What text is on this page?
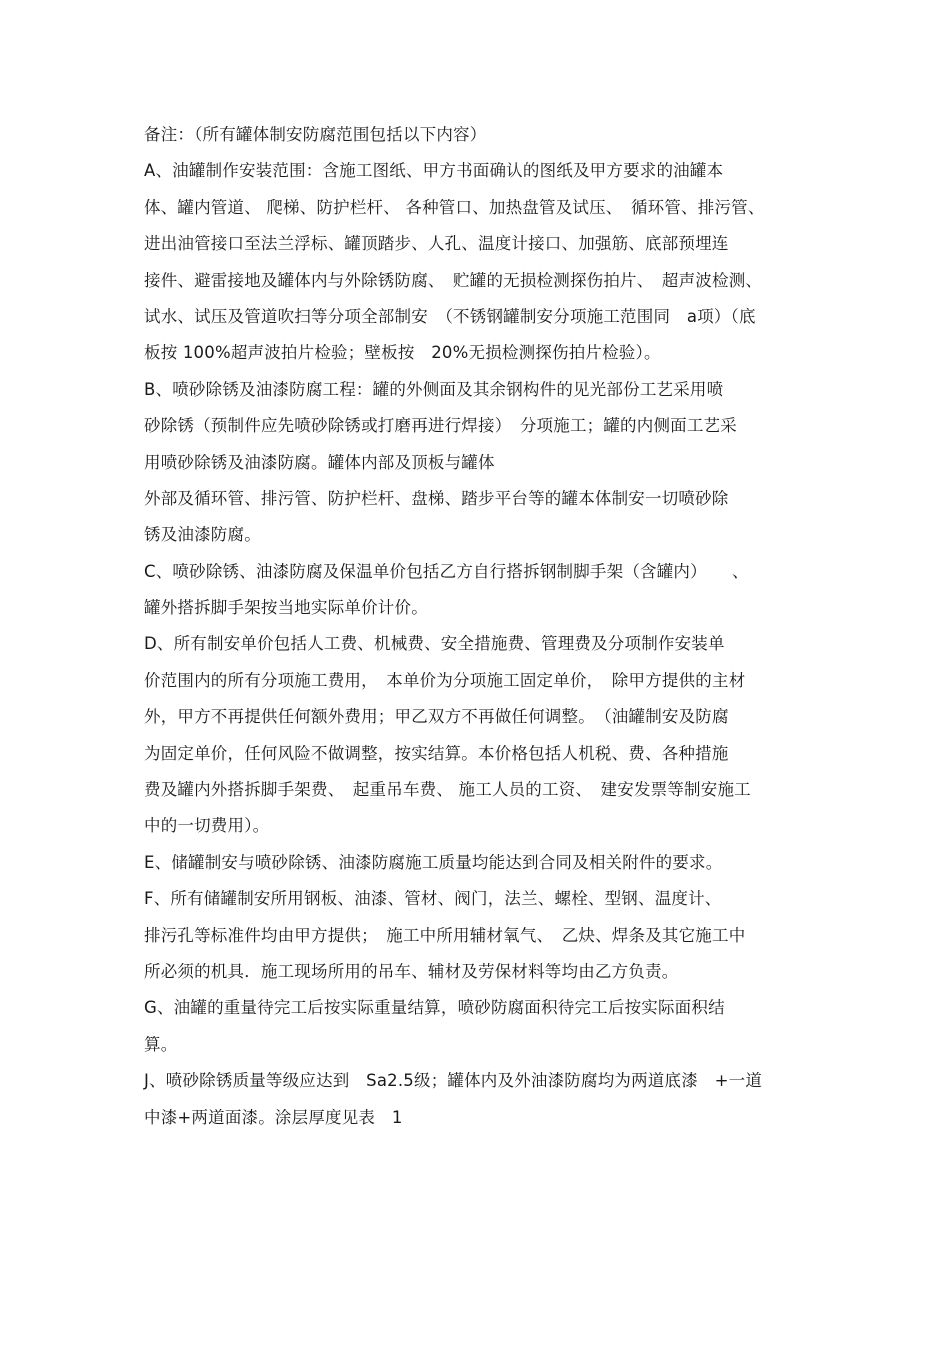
备注：（所有罐体制安防腐范围包括以下内容）
A、油罐制作安装范围：含施工图纸、甲方书面确认的图纸及甲方要求的油罐本
体、罐内管道、 爬梯、防护栏杆、 各种管口、加热盘管及试压、　循环管、排污管、
进出油管接口至法兰浮标、罐顶踏步、人孔、温度计接口、加强筋、底部预埋连
接件、避雷接地及罐体内与外除锈防腐、　贮罐的无损检测探伤拍片、　超声波检测、
试水、试压及管道吹扫等分项全部制安　（不锈钢罐制安分项施工范围同　a项）（底
板按 100%超声波拍片检验；壁板按　20%无损检测探伤拍片检验）。
B、喷砂除锈及油漆防腐工程：罐的外侧面及其余钢构件的见光部份工艺采用喷
砂除锈（预制件应先喷砂除锈或打磨再进行焊接）　分项施工；罐的内侧面工艺采
用喷砂除锈及油漆防腐。罐体内部及顶板与罐体
外部及循环管、排污管、防护栏杆、盘梯、踏步平台等的罐本体制安一切喷砂除
锈及油漆防腐。
C、喷砂除锈、油漆防腐及保温单价包括乙方自行搭拆钢制脚手架（含罐内）　　、
罐外搭拆脚手架按当地实际单价计价。
D、所有制安单价包括人工费、机械费、安全措施费、管理费及分项制作安装单
价范围内的所有分项施工费用，　本单价为分项施工固定单价，　除甲方提供的主材
外，甲方不再提供任何额外费用；甲乙双方不再做任何调整。　（油罐制安及防腐
为固定单价，任何风险不做调整，按实结算。本价格包括人机税、费、各种措施
费及罐内外搭拆脚手架费、　起重吊车费、 施工人员的工资、　建安发票等制安施工
中的一切费用）。
E、储罐制安与喷砂除锈、油漆防腐施工质量均能达到合同及相关附件的要求。
F、所有储罐制安所用钢板、油漆、管材、阀门，法兰、螺栓、型钢、温度计、
排污孔等标准件均由甲方提供；　施工中所用辅材氧气、　乙炔、焊条及其它施工中
所必须的机具．施工现场所用的吊车、辅材及劳保材料等均由乙方负责。
G、油罐的重量待完工后按实际重量结算，喷砂防腐面积待完工后按实际面积结
算。
J、喷砂除锈质量等级应达到　Sa2.5级；罐体内及外油漆防腐均为两道底漆　+一道
中漆+两道面漆。涂层厚度见表　1
